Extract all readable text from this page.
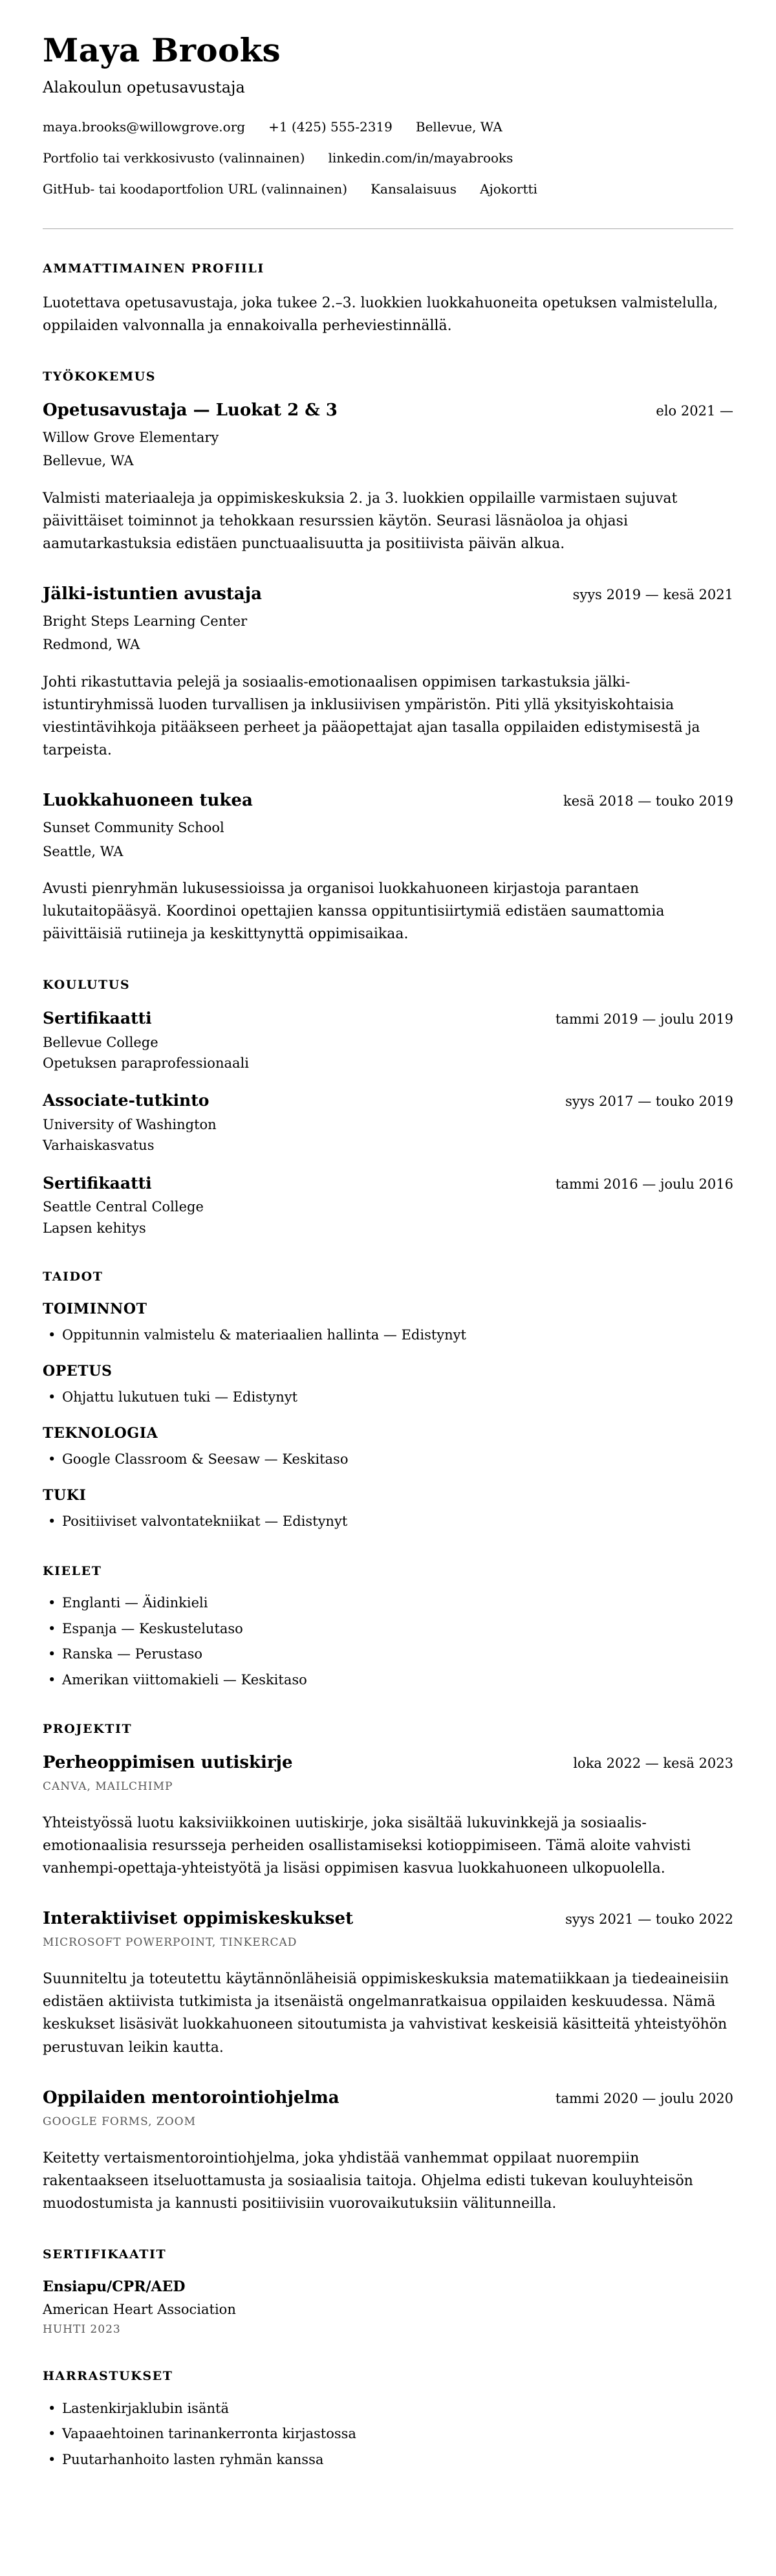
Maya Brooks
Alakoulun opetusavustaja
maya.brooks@willowgrove.org +1 (425) 555-2319 Bellevue, WA
Portfolio tai verkkosivusto (valinnainen) linkedin.com/in/mayabrooks
GitHub- tai koodaportfolion URL (valinnainen) Kansalaisuus Ajokortti
AMMATTIMAINEN PROFIILI

Luotettava opetusavustaja, joka tukee 2.–3. luokkien luokkahuoneita opetuksen valmistelulla, oppilaiden valvonnalla ja ennakoivalla perheviestinnällä.

TYÖKOKEMUS
Opetusavustaja — Luokat 2 & 3	elo 2021 —
Willow Grove Elementary
Bellevue, WA

Valmisti materiaaleja ja oppimiskeskuksia 2. ja 3. luokkien oppilaille varmistaen sujuvat päivittäiset toiminnot ja tehokkaan resurssien käytön. Seurasi läsnäoloa ja ohjasi aamutarkastuksia edistäen punctuaalisuutta ja positiivista päivän alkua.

Jälki-istuntien avustaja	syys 2019 — kesä 2021
Bright Steps Learning Center
Redmond, WA

Johti rikastuttavia pelejä ja sosiaalis-emotionaalisen oppimisen tarkastuksia jälki-istuntiryhmissä luoden turvallisen ja inklusiivisen ympäristön. Piti yllä yksityiskohtaisia viestintävihkoja pitääkseen perheet ja pääopettajat ajan tasalla oppilaiden edistymisestä ja tarpeista.

Luokkahuoneen tukea	kesä 2018 — touko 2019
Sunset Community School
Seattle, WA

Avusti pienryhmän lukusessioissa ja organisoi luokkahuoneen kirjastoja parantaen lukutaitopääsyä. Koordinoi opettajien kanssa oppituntisiirtymiä edistäen saumattomia päivittäisiä rutiineja ja keskittynyttä oppimisaikaa.

KOULUTUS
Sertifikaatti	tammi 2019 — joulu 2019
Bellevue College
Opetuksen paraprofessionaali
Associate-tutkinto	syys 2017 — touko 2019
University of Washington
Varhaiskasvatus
Sertifikaatti	tammi 2016 — joulu 2016
Seattle Central College
Lapsen kehitys
TAIDOT
TOIMINNOT
• Oppitunnin valmistelu & materiaalien hallinta — Edistynyt
OPETUS
• Ohjattu lukutuen tuki — Edistynyt
TEKNOLOGIA
• Google Classroom & Seesaw — Keskitaso
TUKI
• Positiiviset valvontatekniikat — Edistynyt
KIELET
• Englanti — Äidinkieli
• Espanja — Keskustelutaso
• Ranska — Perustaso
• Amerikan viittomakieli — Keskitaso
PROJEKTIT
Perheoppimisen uutiskirje	loka 2022 — kesä 2023
CANVA, MAILCHIMP

Yhteistyössä luotu kaksiviikkoinen uutiskirje, joka sisältää lukuvinkkejä ja sosiaalis-emotionaalisia resursseja perheiden osallistamiseksi kotioppimiseen. Tämä aloite vahvisti vanhempi-opettaja-yhteistyötä ja lisäsi oppimisen kasvua luokkahuoneen ulkopuolella.

Interaktiiviset oppimiskeskukset	syys 2021 — touko 2022
MICROSOFT POWERPOINT, TINKERCAD

Suunniteltu ja toteutettu käytännönläheisiä oppimiskeskuksia matematiikkaan ja tiedeaineisiin edistäen aktiivista tutkimista ja itsenäistä ongelmanratkaisua oppilaiden keskuudessa. Nämä keskukset lisäsivät luokkahuoneen sitoutumista ja vahvistivat keskeisiä käsitteitä yhteistyöhön perustuvan leikin kautta.

Oppilaiden mentorointiohjelma	tammi 2020 — joulu 2020
GOOGLE FORMS, ZOOM

Keitetty vertaismentorointiohjelma, joka yhdistää vanhemmat oppilaat nuorempiin rakentaakseen itseluottamusta ja sosiaalisia taitoja. Ohjelma edisti tukevan kouluyhteisön muodostumista ja kannusti positiivisiin vuorovaikutuksiin välitunneilla.

SERTIFIKAATIT
Ensiapu/CPR/AED
American Heart Association
HUHTI 2023
HARRASTUKSET
• Lastenkirjaklubin isäntä
• Vapaaehtoinen tarinankerronta kirjastossa
• Puutarhanhoito lasten ryhmän kanssa
